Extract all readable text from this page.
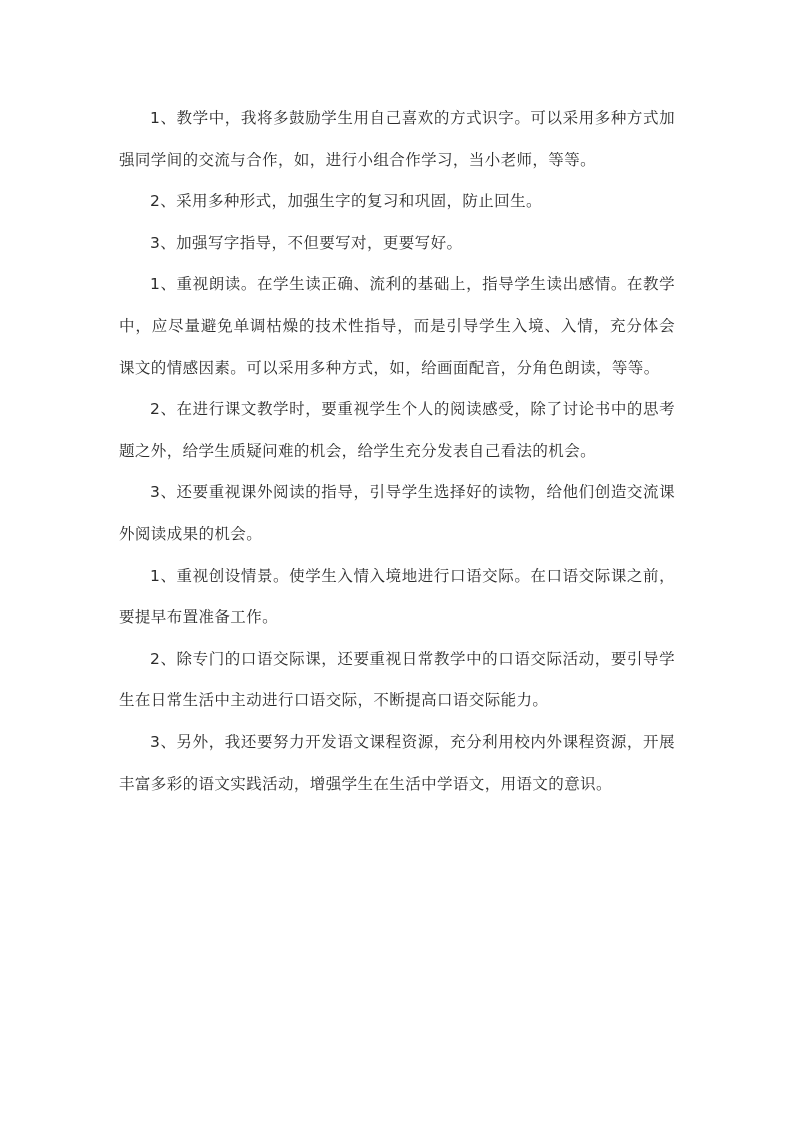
1、教学中，我将多鼓励学生用自己喜欢的方式识字。可以采用多种方式加强同学间的交流与合作，如，进行小组合作学习，当小老师，等等。

2、采用多种形式，加强生字的复习和巩固，防止回生。

3、加强写字指导，不但要写对，更要写好。

1、重视朗读。在学生读正确、流利的基础上，指导学生读出感情。在教学中，应尽量避免单调枯燥的技术性指导，而是引导学生入境、入情，充分体会课文的情感因素。可以采用多种方式，如，给画面配音，分角色朗读，等等。

2、在进行课文教学时，要重视学生个人的阅读感受，除了讨论书中的思考题之外，给学生质疑问难的机会，给学生充分发表自己看法的机会。

3、还要重视课外阅读的指导，引导学生选择好的读物，给他们创造交流课外阅读成果的机会。

1、重视创设情景。使学生入情入境地进行口语交际。在口语交际课之前，要提早布置准备工作。

2、除专门的口语交际课，还要重视日常教学中的口语交际活动，要引导学生在日常生活中主动进行口语交际，不断提高口语交际能力。

3、另外，我还要努力开发语文课程资源，充分利用校内外课程资源，开展丰富多彩的语文实践活动，增强学生在生活中学语文，用语文的意识。
